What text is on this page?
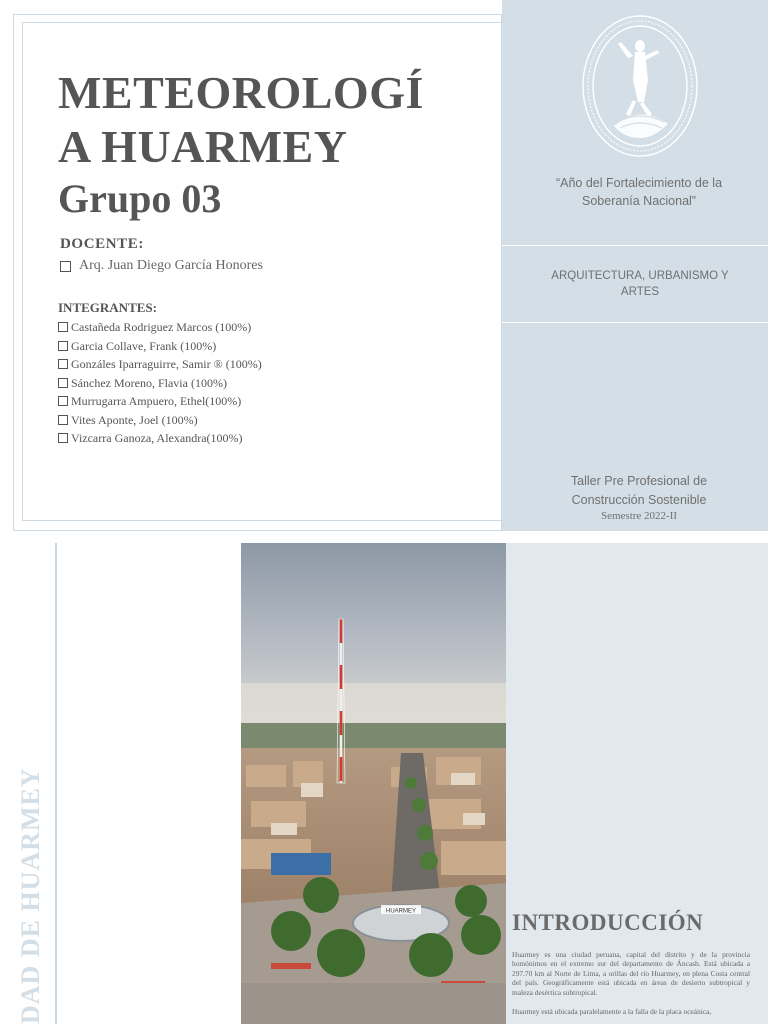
METEOROLOGÍ
A HUARMEY
Grupo 03
DOCENTE:
Arq. Juan Diego García Honores
INTEGRANTES:
Castañeda Rodriguez Marcos (100%)
Garcia Collave, Frank (100%)
Gonzáles Iparraguirre, Samir ® (100%)
Sánchez Moreno, Flavia (100%)
Murrugarra Ampuero, Ethel(100%)
Vites Aponte, Joel (100%)
Vizcarra Ganoza, Alexandra(100%)
“Año del Fortalecimiento de la
Soberanía Nacional”
ARQUITECTURA, URBANISMO Y
ARTES
Taller Pre Profesional de
Construcción Sostenible
Semestre 2022-II
DAD DE HUARMEY	HUARMEY	INTRODUCCIÓN

Huarmey es una ciudad peruana, capital del distrito y de la provincia homónimos en el extremo sur del departamento de Áncash. Está ubicada a 297.70 km al Norte de Lima, a orillas del río Huarmey, en plena Costa central del país. Geográficamente está ubicada en áreas de desierto subtropical y maleza desértica subtropical.

Huarmey está ubicada paralelamente a la falla de la placa oceánica,
